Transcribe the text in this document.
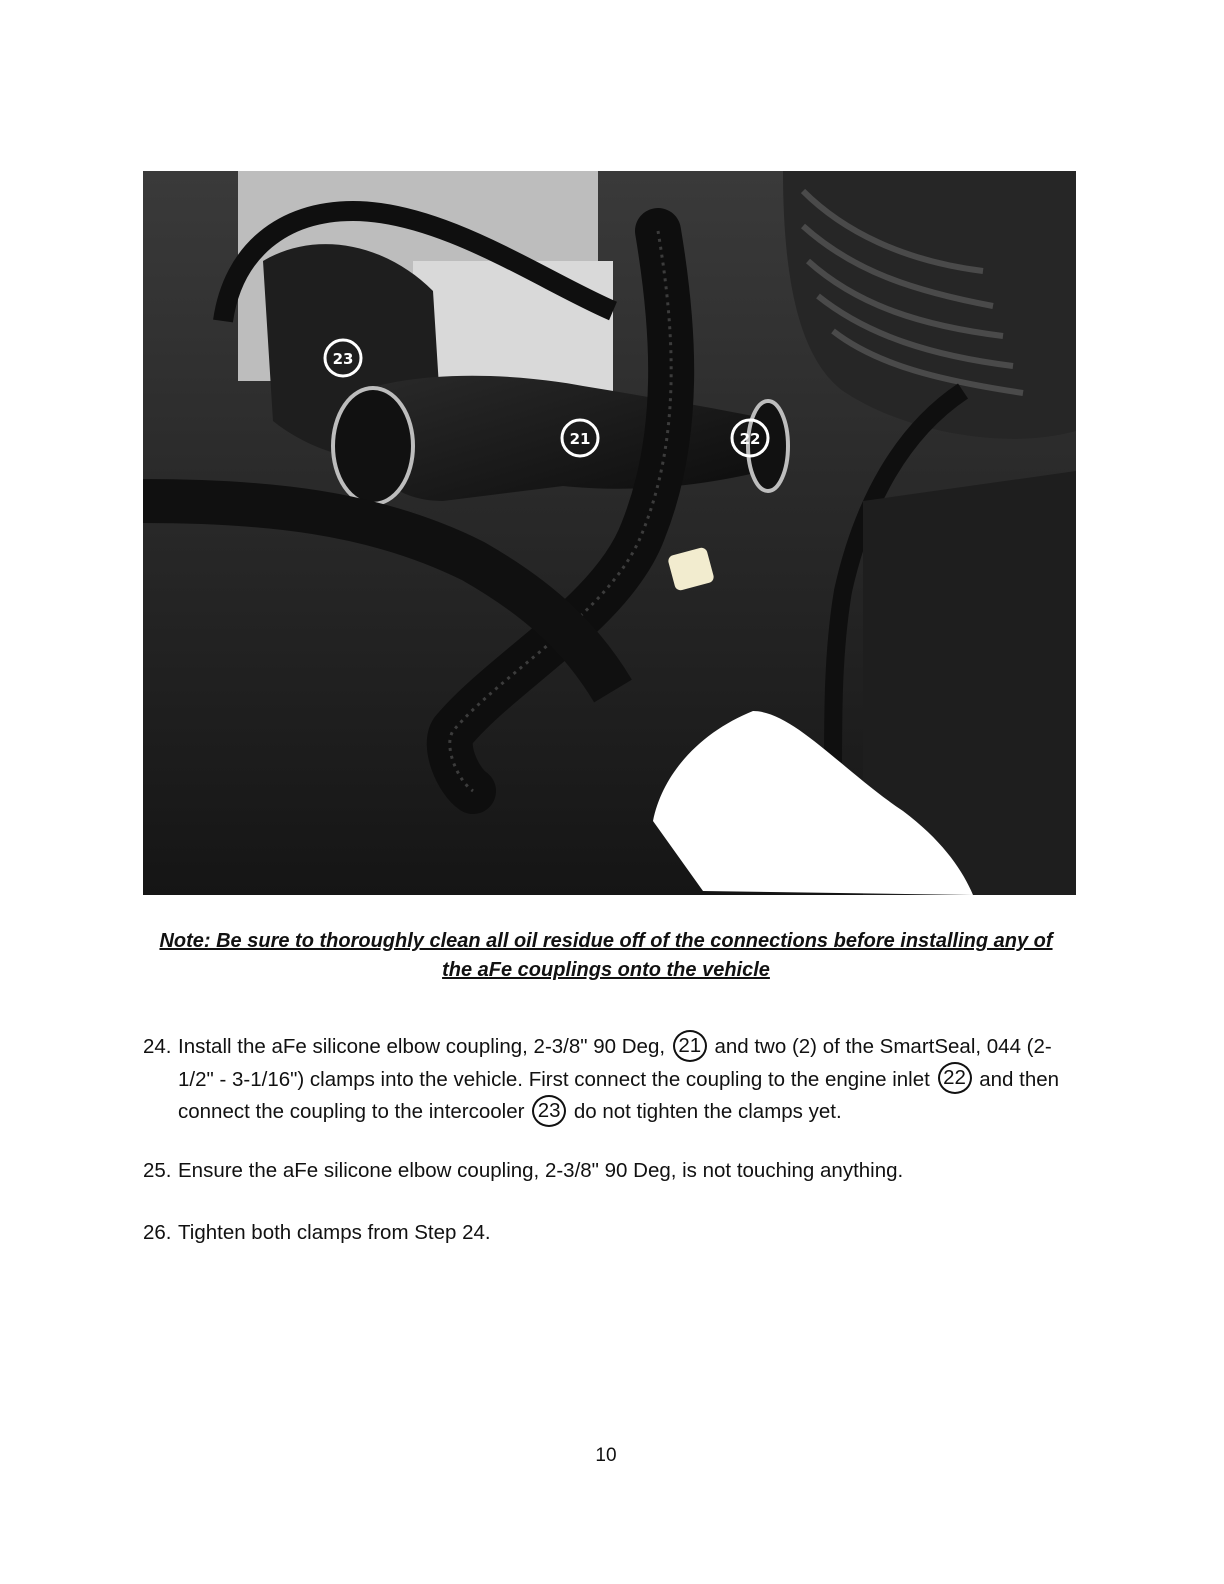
23
21	22
Note: Be sure to thoroughly clean all oil residue off of the connections before installing any of
the aFe couplings onto the vehicle
24. Install the aFe silicone elbow coupling, 2-3/8" 90 Deg, 21 and two (2) of the SmartSeal, 044 (2-1/2" - 3-1/16") clamps into the vehicle. First connect the coupling to the engine inlet 22 and then connect the coupling to the intercooler 23 do not tighten the clamps yet.
25. Ensure the aFe silicone elbow coupling, 2-3/8" 90 Deg, is not touching anything.
26. Tighten both clamps from Step 24.
10
